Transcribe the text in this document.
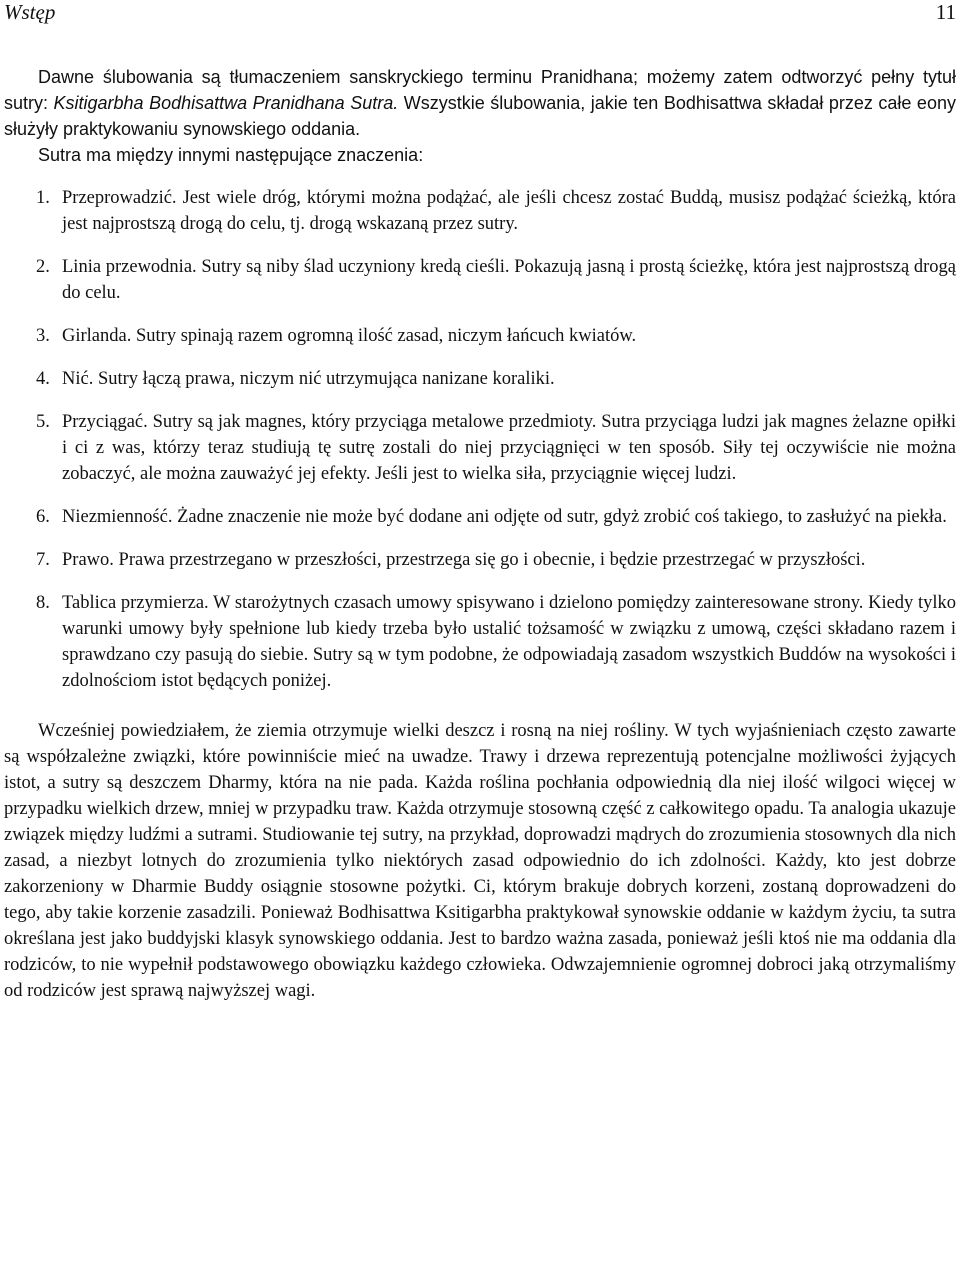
Wstęp	11

Dawne ślubowania są tłumaczeniem sanskryckiego terminu Pranidhana; możemy zatem odtworzyć pełny tytuł sutry: Ksitigarbha Bodhisattwa Pranidhana Sutra. Wszystkie ślubowania, jakie ten Bodhisattwa składał przez całe eony służyły praktykowaniu synowskiego oddania.

Sutra ma między innymi następujące znaczenia:

1. Przeprowadzić. Jest wiele dróg, którymi można podążać, ale jeśli chcesz zostać Buddą, musisz podążać ścieżką, która jest najprostszą drogą do celu, tj. drogą wskazaną przez sutry.
2. Linia przewodnia. Sutry są niby ślad uczyniony kredą cieśli. Pokazują jasną i prostą ścieżkę, która jest najprostszą drogą do celu.
3. Girlanda. Sutry spinają razem ogromną ilość zasad, niczym łańcuch kwiatów.
4. Nić. Sutry łączą prawa, niczym nić utrzymująca nanizane koraliki.
5. Przyciągać. Sutry są jak magnes, który przyciąga metalowe przedmioty. Sutra przyciąga ludzi jak magnes żelazne opiłki i ci z was, którzy teraz studiują tę sutrę zostali do niej przyciągnięci w ten sposób. Siły tej oczywiście nie można zobaczyć, ale można zauważyć jej efekty. Jeśli jest to wielka siła, przyciągnie więcej ludzi.
6. Niezmienność. Żadne znaczenie nie może być dodane ani odjęte od sutr, gdyż zrobić coś takiego, to zasłużyć na piekła.
7. Prawo. Prawa przestrzegano w przeszłości, przestrzega się go i obecnie, i będzie przestrzegać w przyszłości.
8. Tablica przymierza. W starożytnych czasach umowy spisywano i dzielono pomiędzy zainteresowane strony. Kiedy tylko warunki umowy były spełnione lub kiedy trzeba było ustalić tożsamość w związku z umową, części składano razem i sprawdzano czy pasują do siebie. Sutry są w tym podobne, że odpowiadają zasadom wszystkich Buddów na wysokości i zdolnościom istot będących poniżej.

Wcześniej powiedziałem, że ziemia otrzymuje wielki deszcz i rosną na niej rośliny. W tych wyjaśnieniach często zawarte są współzależne związki, które powinniście mieć na uwadze. Trawy i drzewa reprezentują potencjalne możliwości żyjących istot, a sutry są deszczem Dharmy, która na nie pada. Każda roślina pochłania odpowiednią dla niej ilość wilgoci więcej w przypadku wielkich drzew, mniej w przypadku traw. Każda otrzymuje stosowną część z całkowitego opadu. Ta analogia ukazuje związek między ludźmi a sutrami. Studiowanie tej sutry, na przykład, doprowadzi mądrych do zrozumienia stosownych dla nich zasad, a niezbyt lotnych do zrozumienia tylko niektórych zasad odpowiednio do ich zdolności. Każdy, kto jest dobrze zakorzeniony w Dharmie Buddy osiągnie stosowne pożytki. Ci, którym brakuje dobrych korzeni, zostaną doprowadzeni do tego, aby takie korzenie zasadzili. Ponieważ Bodhisattwa Ksitigarbha praktykował synowskie oddanie w każdym życiu, ta sutra określana jest jako buddyjski klasyk synowskiego oddania. Jest to bardzo ważna zasada, ponieważ jeśli ktoś nie ma oddania dla rodziców, to nie wypełnił podstawowego obowiązku każdego człowieka. Odwzajemnienie ogromnej dobroci jaką otrzymaliśmy od rodziców jest sprawą najwyższej wagi.
